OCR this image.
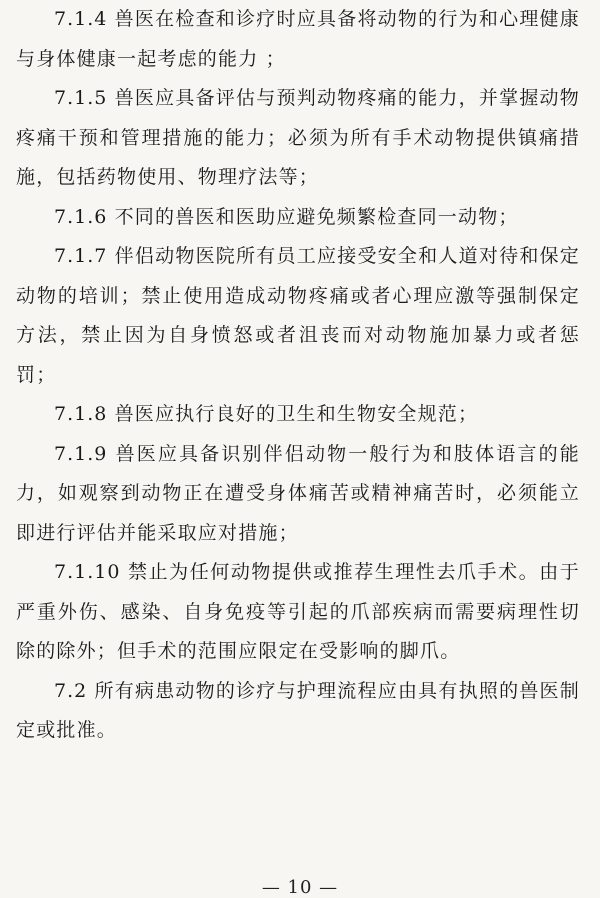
7.1.4 兽医在检查和诊疗时应具备将动物的行为和心理健康与身体健康一起考虑的能力 ；

7.1.5 兽医应具备评估与预判动物疼痛的能力，并掌握动物疼痛干预和管理措施的能力；必须为所有手术动物提供镇痛措施，包括药物使用、物理疗法等；

7.1.6 不同的兽医和医助应避免频繁检查同一动物；

7.1.7 伴侣动物医院所有员工应接受安全和人道对待和保定动物的培训；禁止使用造成动物疼痛或者心理应激等强制保定方法，禁止因为自身愤怒或者沮丧而对动物施加暴力或者惩罚；

7.1.8 兽医应执行良好的卫生和生物安全规范；

7.1.9 兽医应具备识别伴侣动物一般行为和肢体语言的能力，如观察到动物正在遭受身体痛苦或精神痛苦时，必须能立即进行评估并能采取应对措施；

7.1.10 禁止为任何动物提供或推荐生理性去爪手术。由于严重外伤、感染、自身免疫等引起的爪部疾病而需要病理性切除的除外；但手术的范围应限定在受影响的脚爪。

7.2 所有病患动物的诊疗与护理流程应由具有执照的兽医制定或批准。

— 10 —
